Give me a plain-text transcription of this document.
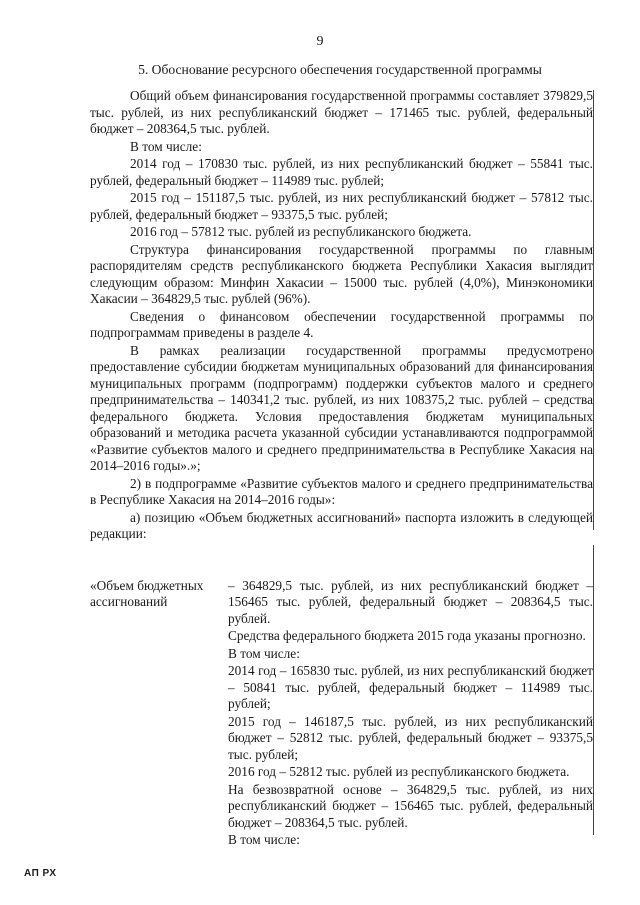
9
5. Обоснование ресурсного обеспечения государственной программы

Общий объем финансирования государственной программы составляет 379829,5 тыс. рублей, из них республиканский бюджет – 171465 тыс. рублей, федеральный бюджет – 208364,5 тыс. рублей.

В том числе:

2014 год – 170830 тыс. рублей, из них республиканский бюджет – 55841 тыс. рублей, федеральный бюджет – 114989 тыс. рублей;

2015 год – 151187,5 тыс. рублей, из них республиканский бюджет – 57812 тыс. рублей, федеральный бюджет – 93375,5 тыс. рублей;

2016 год – 57812 тыс. рублей из республиканского бюджета.

Структура финансирования государственной программы по главным распорядителям средств республиканского бюджета Республики Хакасия выглядит следующим образом: Минфин Хакасии – 15000 тыс. рублей (4,0%), Минэкономики Хакасии – 364829,5 тыс. рублей (96%).

Сведения о финансовом обеспечении государственной программы по подпрограммам приведены в разделе 4.

В рамках реализации государственной программы предусмотрено предоставление субсидии бюджетам муниципальных образований для финансирования муниципальных программ (подпрограмм) поддержки субъектов малого и среднего предпринимательства – 140341,2 тыс. рублей, из них 108375,2 тыс. рублей – средства федерального бюджета. Условия предоставления бюджетам муниципальных образований и методика расчета указанной субсидии устанавливаются подпрограммой «Развитие субъектов малого и среднего предпринимательства в Республике Хакасия на 2014–2016 годы».»;

2) в подпрограмме «Развитие субъектов малого и среднего предпринимательства в Республике Хакасия на 2014–2016 годы»:

а) позицию «Объем бюджетных ассигнований» паспорта изложить в следующей редакции:

«Объем бюджетных ассигнований

– 364829,5 тыс. рублей, из них республиканский бюджет – 156465 тыс. рублей, федеральный бюджет – 208364,5 тыс. рублей.

Средства федерального бюджета 2015 года указаны прогнозно.

В том числе:

2014 год – 165830 тыс. рублей, из них республиканский бюджет – 50841 тыс. рублей, федеральный бюджет – 114989 тыс. рублей;

2015 год – 146187,5 тыс. рублей, из них республиканский бюджет – 52812 тыс. рублей, федеральный бюджет – 93375,5 тыс. рублей;

2016 год – 52812 тыс. рублей из республиканского бюджета.

На безвозвратной основе – 364829,5 тыс. рублей, из них республиканский бюджет – 156465 тыс. рублей, федеральный бюджет – 208364,5 тыс. рублей.

В том числе:

АП РХ
